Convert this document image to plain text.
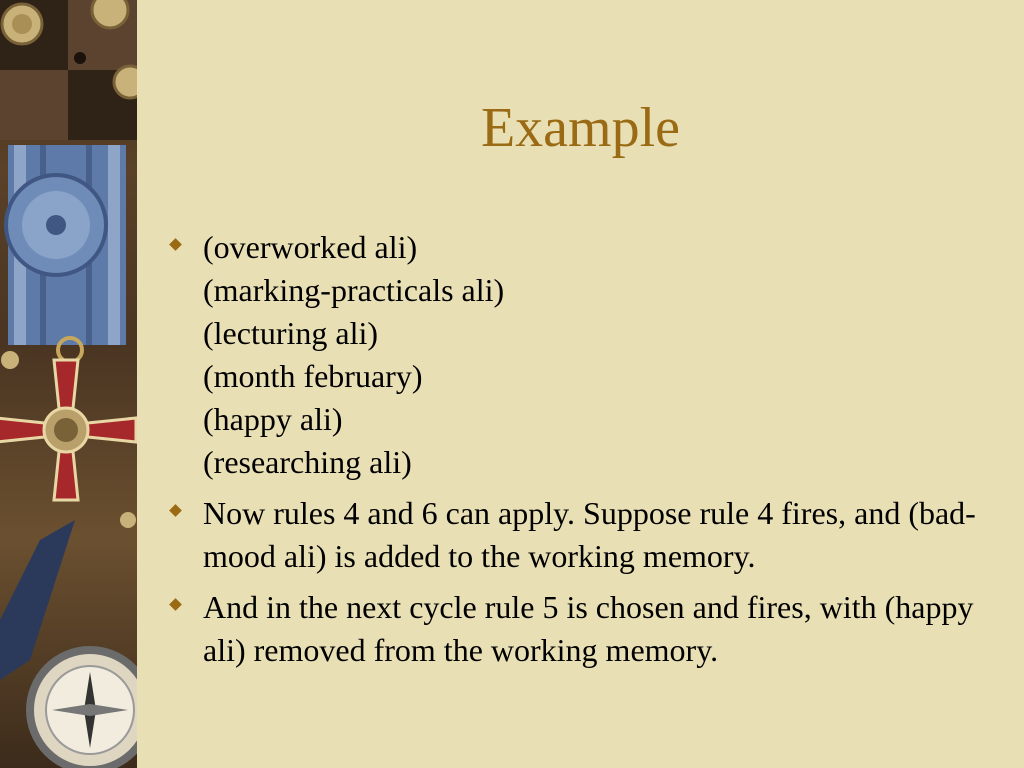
Example
(overworked ali)
(marking-practicals ali)
(lecturing ali)
(month february)
(happy ali)
(researching ali)
Now rules 4 and 6 can apply. Suppose rule 4 fires, and (bad-mood ali) is added to the working memory.
And in the next cycle rule 5 is chosen and fires, with (happy ali) removed from the working memory.
